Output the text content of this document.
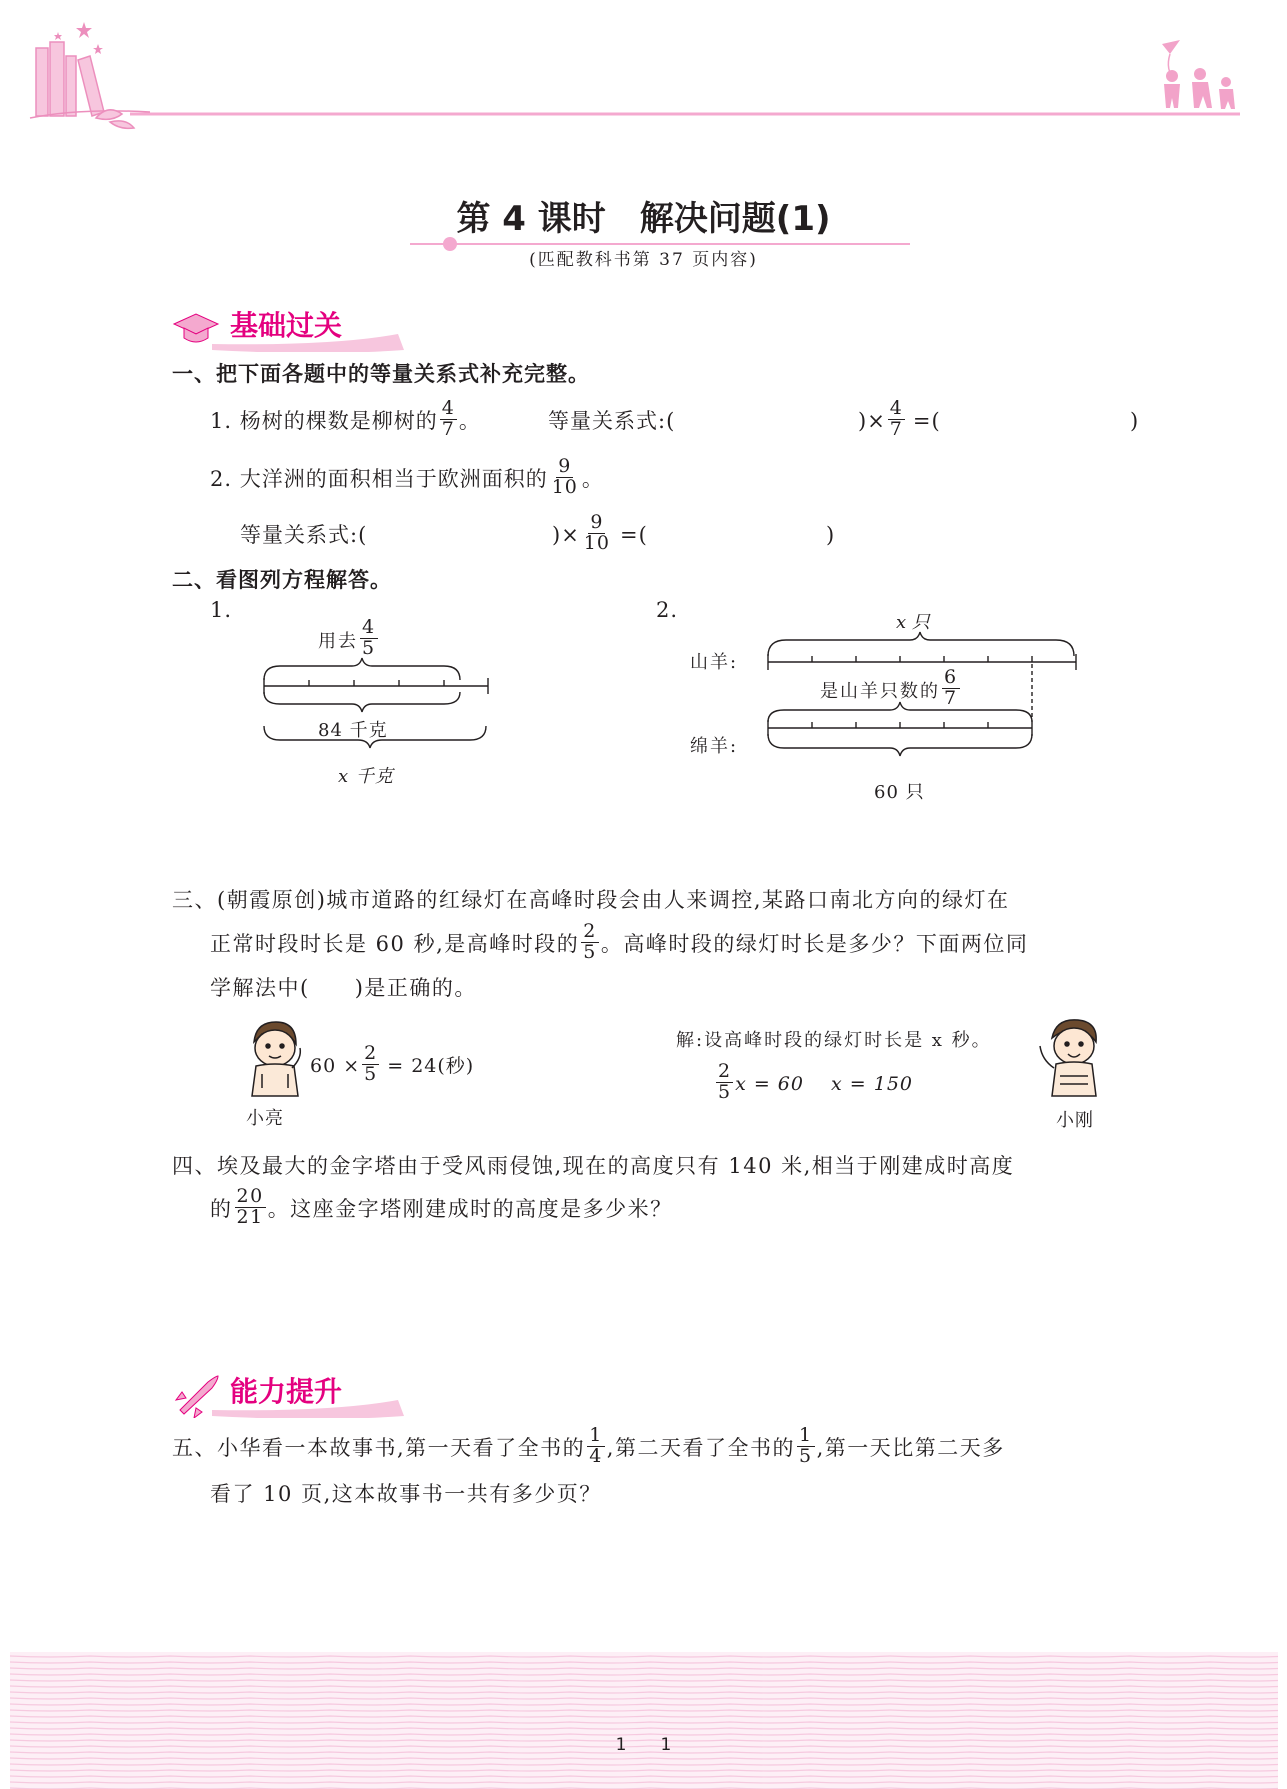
第 4 课时　解决问题(1)
(匹配教科书第 37 页内容)
基础过关
一、把下面各题中的等量关系式补充完整。
1. 杨树的棵数是柳树的 $\frac{4}{7}$ 。	等量关系式:(	)× $\frac{4}{7}$ =(	)
2. 大洋洲的面积相当于欧洲面积的 $\frac{9}{10}$ 。
等量关系式:(	)× $\frac{9}{10}$ =(	)
二、看图列方程解答。
1.
用去 $\frac{4}{5}$
84 千克
x 千克
2.
x 只
山羊:
是山羊只数的 $\frac{6}{7}$
绵羊:
60 只
三、(朝霞原创)城市道路的红绿灯在高峰时段会由人来调控,某路口南北方向的绿灯在
正常时段时长是 60 秒,是高峰时段的 $\frac{2}{5}$ 。高峰时段的绿灯时长是多少？下面两位同
学解法中(　　)是正确的。
小亮
$60 \times \frac{2}{5} = 24$(秒)
解:设高峰时段的绿灯时长是 x 秒。
$\frac{2}{5}$ x = 60　 x = 150
小刚
四、埃及最大的金字塔由于受风雨侵蚀,现在的高度只有 140 米,相当于刚建成时高度
的 $\frac{20}{21}$ 。这座金字塔刚建成时的高度是多少米？
能力提升
五、小华看一本故事书,第一天看了全书的 $\frac{1}{4}$ ,第二天看了全书的 $\frac{1}{5}$ ,第一天比第二天多
看了 10 页,这本故事书一共有多少页？
1　　1
